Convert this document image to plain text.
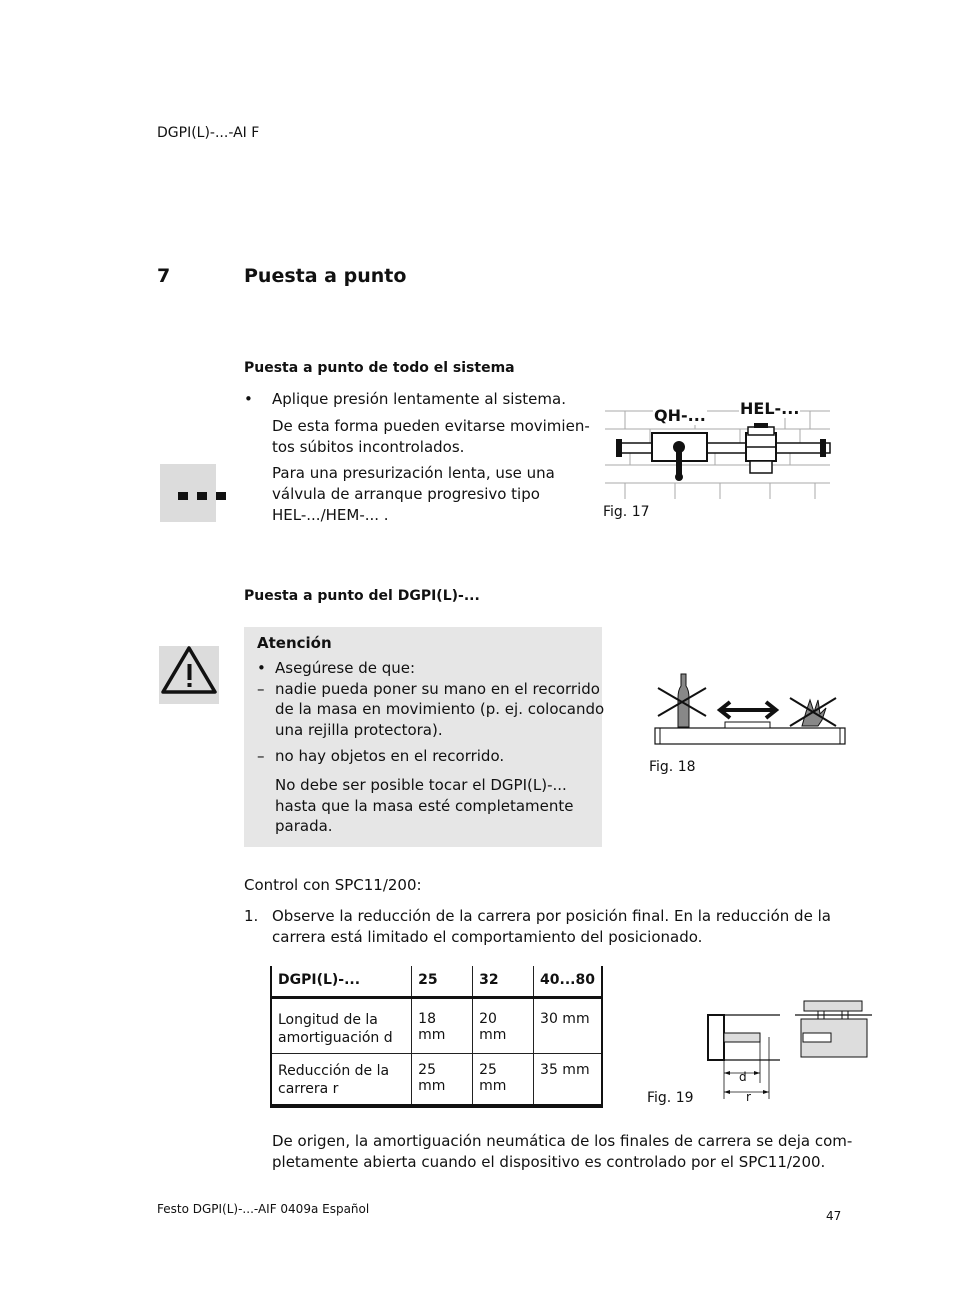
DGPI(L)-...-AI F
7	Puesta a punto
Puesta a punto de todo el sistema
• Aplique presión lentamente al sistema.
De esta forma pueden evitarse movimien-
tos súbitos incontrolados.
Para una presurización lenta, use una
válvula de arranque progresivo tipo
HEL-.../HEM-... .
QH-... HEL-...
Fig. 17
Puesta a punto del DGPI(L)-...
Atención
• Asegúrese de que:
– nadie pueda poner su mano en el recorrido
de la masa en movimiento (p. ej. colocando
una rejilla protectora).
– no hay objetos en el recorrido.
No debe ser posible tocar el DGPI(L)-...
hasta que la masa esté completamente
parada.
Fig. 18
Control con SPC11/200:
1. Observe la reducción de la carrera por posición final. En la reducción de la
carrera está limitado el comportamiento del posicionado.
DGPI(L)-...	25	32	40...80

Longitud de la
amortiguación d	18 mm	20 mm	30 mm

Reducción de la
carrera r	25 mm	25 mm	35 mm	d
r
Fig. 19
De origen, la amortiguación neumática de los finales de carrera se deja com-
pletamente abierta cuando el dispositivo es controlado por el SPC11/200.
Festo DGPI(L)-...-AIF 0409a Español	47
